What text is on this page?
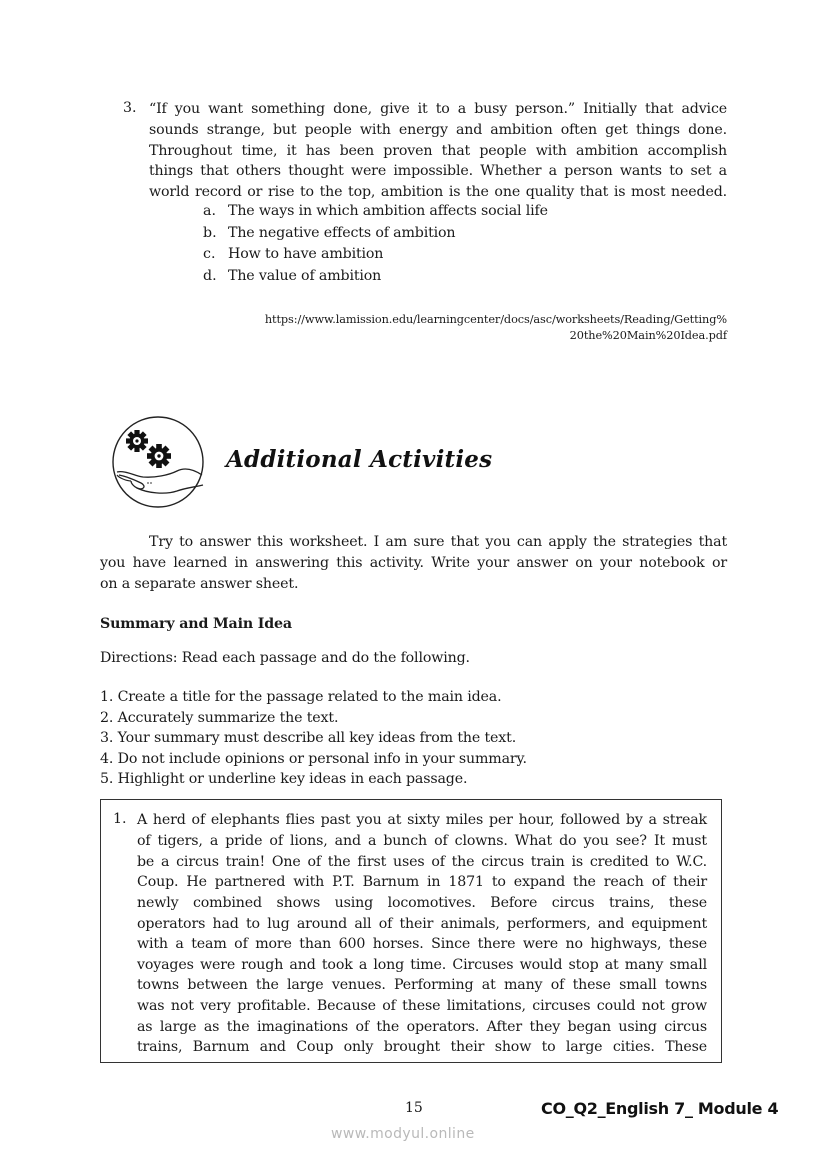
3. “If you want something done, give it to a busy person.” Initially that advice
sounds strange, but people with energy and ambition often get things done.
Throughout time, it has been proven that people with ambition accomplish
things that others thought were impossible. Whether a person wants to set a
world record or rise to the top, ambition is the one quality that is most needed.
a. The ways in which ambition affects social life
b. The negative effects of ambition
c. How to have ambition
d. The value of ambition
https://www.lamission.edu/learningcenter/docs/asc/worksheets/Reading/Getting%
20the%20Main%20Idea.pdf
Additional Activities
Try to answer this worksheet. I am sure that you can apply the strategies that
you have learned in answering this activity. Write your answer on your notebook or
on a separate answer sheet.
Summary and Main Idea
Directions: Read each passage and do the following.
1. Create a title for the passage related to the main idea.
2. Accurately summarize the text.
3. Your summary must describe all key ideas from the text.
4. Do not include opinions or personal info in your summary.
5. Highlight or underline key ideas in each passage.
1. A herd of elephants flies past you at sixty miles per hour, followed by a streak
of tigers, a pride of lions, and a bunch of clowns. What do you see? It must
be a circus train! One of the first uses of the circus train is credited to W.C.
Coup. He partnered with P.T. Barnum in 1871 to expand the reach of their
newly combined shows using locomotives. Before circus trains, these
operators had to lug around all of their animals, performers, and equipment
with a team of more than 600 horses. Since there were no highways, these
voyages were rough and took a long time. Circuses would stop at many small
towns between the large venues. Performing at many of these small towns
was not very profitable. Because of these limitations, circuses could not grow
as large as the imaginations of the operators. After they began using circus
trains, Barnum and Coup only brought their show to large cities. These
15	CO_Q2_English 7_ Module 4
www.modyul.online
